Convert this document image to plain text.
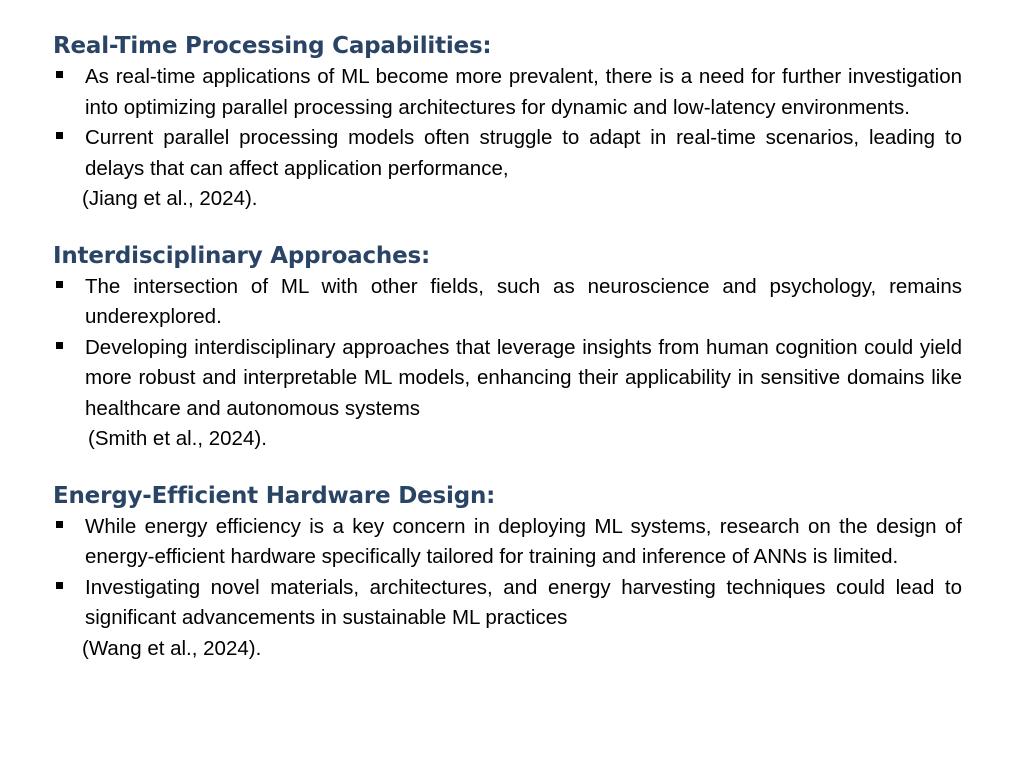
Real-Time Processing Capabilities:
As real-time applications of ML become more prevalent, there is a need for further investigation into optimizing parallel processing architectures for dynamic and low-latency environments.
Current parallel processing models often struggle to adapt in real-time scenarios, leading to delays that can affect application performance,

(Jiang et al., 2024).

Interdisciplinary Approaches:
The intersection of ML with other fields, such as neuroscience and psychology, remains underexplored.
Developing interdisciplinary approaches that leverage insights from human cognition could yield more robust and interpretable ML models, enhancing their applicability in sensitive domains like healthcare and autonomous systems

(Smith et al., 2024).

Energy-Efficient Hardware Design:
While energy efficiency is a key concern in deploying ML systems, research on the design of energy-efficient hardware specifically tailored for training and inference of ANNs is limited.
Investigating novel materials, architectures, and energy harvesting techniques could lead to significant advancements in sustainable ML practices

(Wang et al., 2024).
